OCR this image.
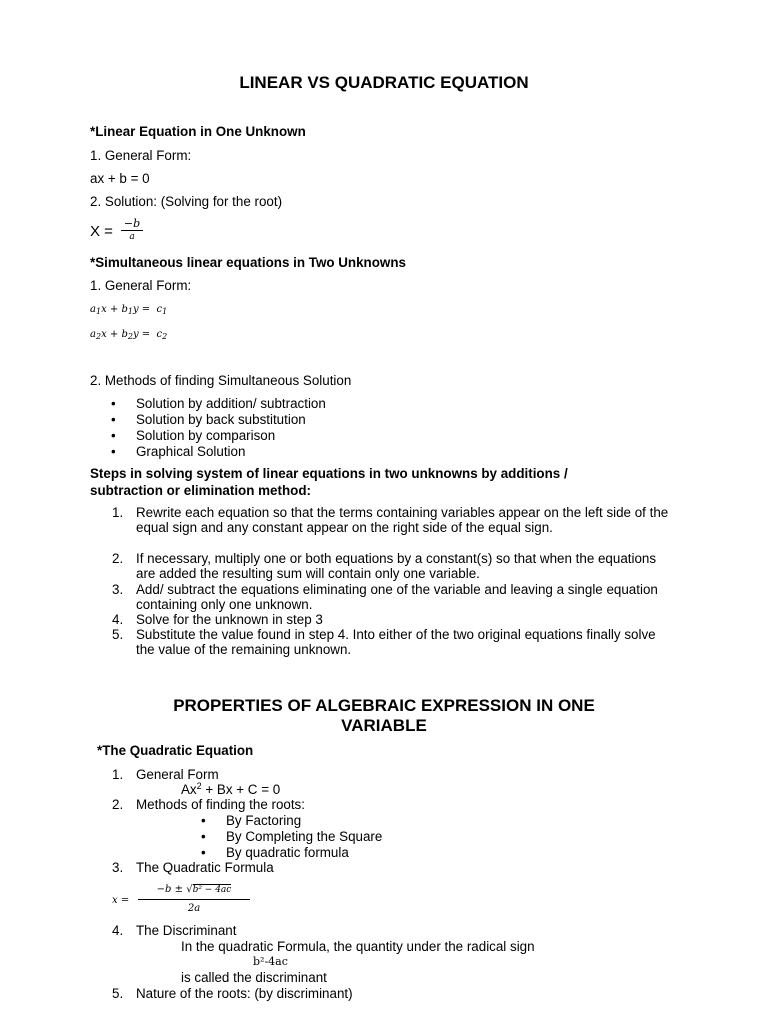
LINEAR VS QUADRATIC EQUATION
*Linear Equation in One Unknown
1. General Form:
ax + b = 0
2. Solution: (Solving for the root)
X = −b
a
*Simultaneous linear equations in Two Unknowns
1. General Form:
$a_1x + b_1y = c_1$
$a_2x + b_2y = c_2$
2. Methods of finding Simultaneous Solution
• Solution by addition/ subtraction
• Solution by back substitution
• Solution by comparison
• Graphical Solution
Steps in solving system of linear equations in two unknowns by additions /
subtraction or elimination method:
1. Rewrite each equation so that the terms containing variables appear on the left side of the equal sign and any constant appear on the right side of the equal sign.
2. If necessary, multiply one or both equations by a constant(s) so that when the equations are added the resulting sum will contain only one variable.
3. Add/ subtract the equations eliminating one of the variable and leaving a single equation containing only one unknown.
4. Solve for the unknown in step 3
5. Substitute the value found in step 4. Into either of the two original equations finally solve the value of the remaining unknown.
PROPERTIES OF ALGEBRAIC EXPRESSION IN ONE
VARIABLE
*The Quadratic Equation
1. General Form
$Ax^2 + Bx + C = 0$
2. Methods of finding the roots:
• By Factoring
• By Completing the Square
• By quadratic formula
3. The Quadratic Formula
x =
−b ± √b² − 4ac
2a
4. The Discriminant
In the quadratic Formula, the quantity under the radical sign
b²-4ac
is called the discriminant
5. Nature of the roots: (by discriminant)
